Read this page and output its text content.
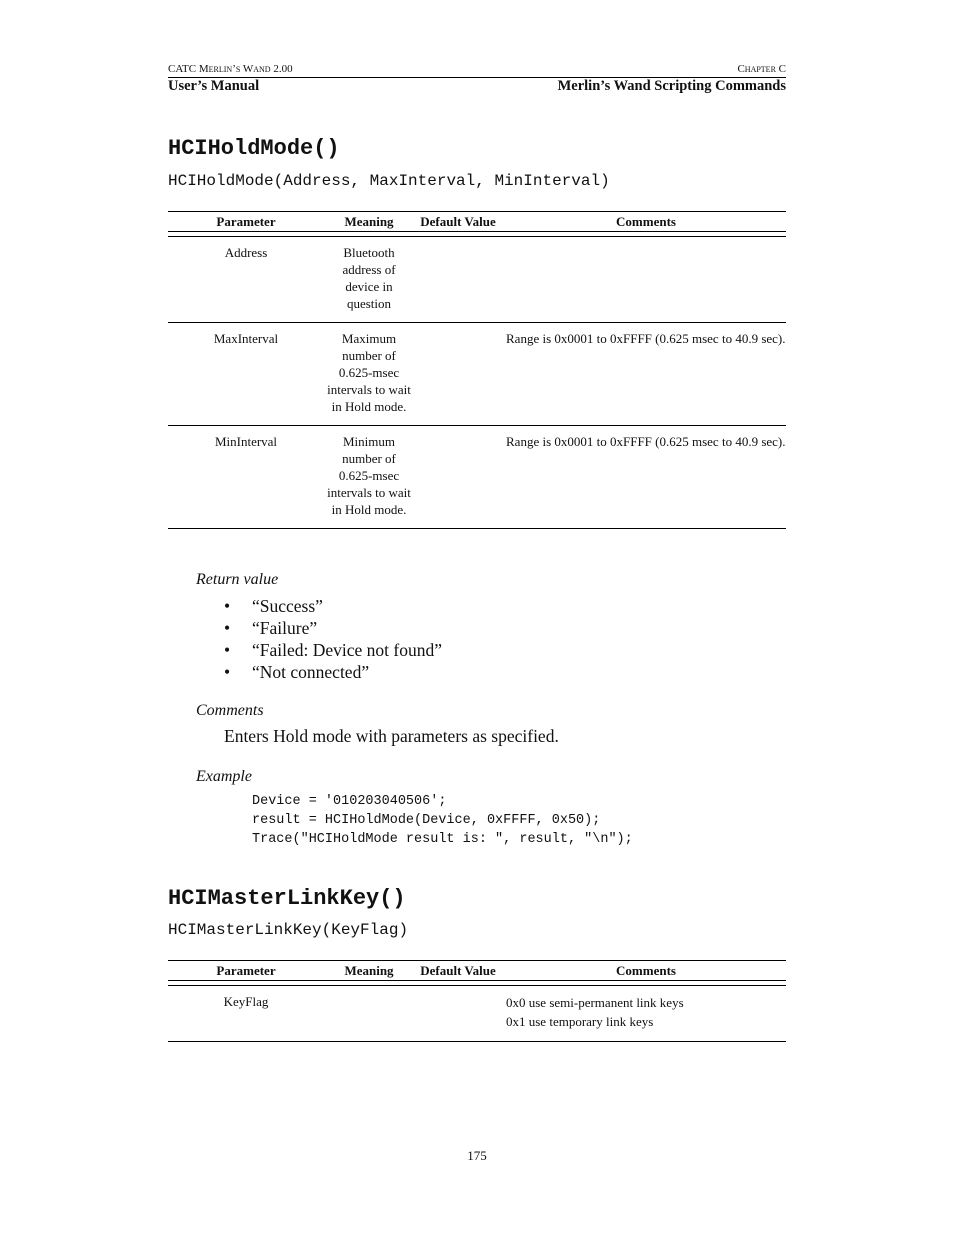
CATC Merlin’s Wand 2.00	Chapter C
User’s Manual	Merlin’s Wand Scripting Commands
HCIHoldMode()
HCIHoldMode(Address, MaxInterval, MinInterval)
Parameter	Meaning	Default Value	Comments

Address	Bluetooth address of device in question		
MaxInterval	Maximum number of 0.625-msec intervals to wait in Hold mode.		Range is 0x0001 to 0xFFFF (0.625 msec to 40.9 sec).
MinInterval	Minimum number of 0.625-msec intervals to wait in Hold mode.		Range is 0x0001 to 0xFFFF (0.625 msec to 40.9 sec).
Return value
• “Success”
• “Failure”
• “Failed: Device not found”
• “Not connected”
Comments
Enters Hold mode with parameters as specified.
Example
Device = '010203040506';
result = HCIHoldMode(Device, 0xFFFF, 0x50);
Trace("HCIHoldMode result is: ", result, "\n");
HCIMasterLinkKey()
HCIMasterLinkKey(KeyFlag)
Parameter	Meaning	Default Value	Comments

KeyFlag			0x0 use semi-permanent link keys
0x1 use temporary link keys
175
